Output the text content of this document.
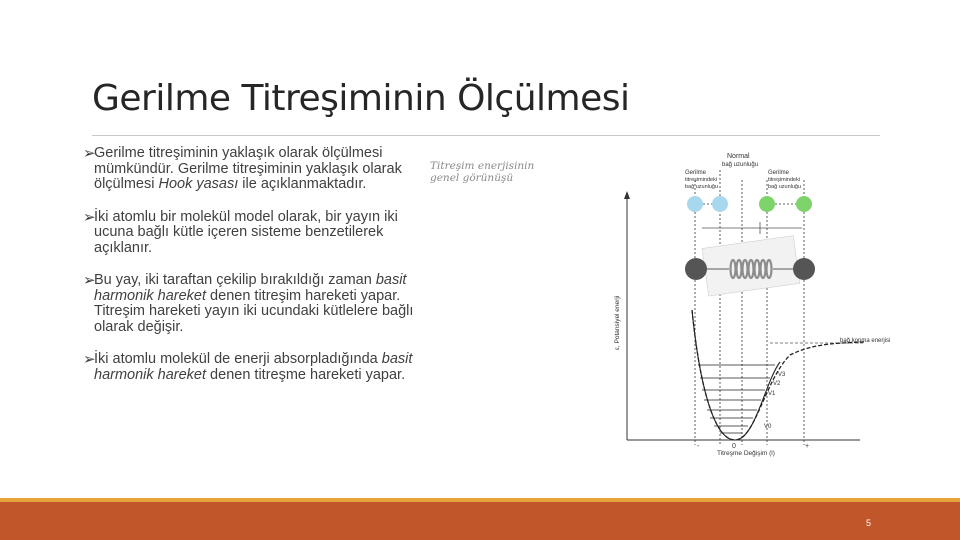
Gerilme Titreşiminin Ölçülmesi
➢
Gerilme titreşiminin yaklaşık olarak ölçülmesi mümkündür. Gerilme titreşiminin yaklaşık olarak ölçülmesi Hook yasası ile açıklanmaktadır.
➢
İki atomlu bir molekül model olarak, bir yayın iki ucuna bağlı kütle içeren sisteme benzetilerek açıklanır.
➢
Bu yay, iki taraftan çekilip bırakıldığı zaman basit harmonik hareket denen titreşim hareketi yapar. Titreşim hareketi yayın iki ucundaki kütlelere bağlı olarak değişir.
➢
İki atomlu molekül de enerji absorpladığında basit harmonik hareket denen titreşme hareketi yapar.
Titreşim enerjisinin genel görünüşü
Normal
bağ uzunluğu
Gerilme
titreşimindeki
bağ uzunluğu
Gerilme
titreşimindeki
bağ uzunluğu
ε, Potansiyel enerji
Titreşme Değişim (l)
-	0	+
bağ kopma enerjisi
V3
V2
V1
V0
5
